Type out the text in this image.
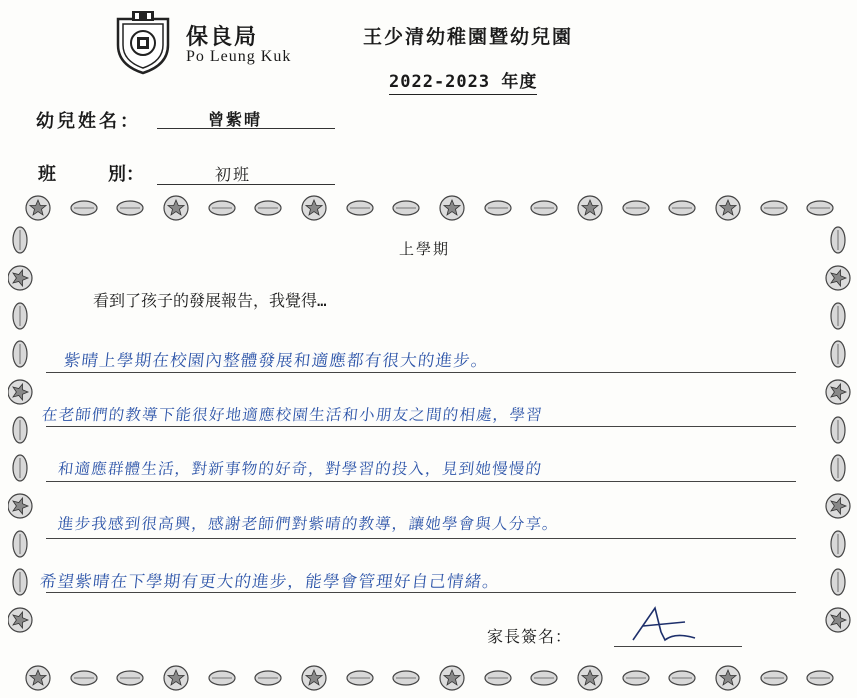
保良局
Po Leung Kuk
王少清幼稚園暨幼兒園
2022-2023 年度
幼兒姓名：	曾紫晴
班	別：	初班
上學期
看到了孩子的發展報告，我覺得…
紫晴上學期在校園內整體發展和適應都有很大的進步。
在老師們的教導下能很好地適應校園生活和小朋友之間的相處，學習
和適應群體生活，對新事物的好奇，對學習的投入，見到她慢慢的
進步我感到很高興，感謝老師們對紫晴的教導，讓她學會與人分享。
希望紫晴在下學期有更大的進步，能學會管理好自己情緒。
家長簽名：
